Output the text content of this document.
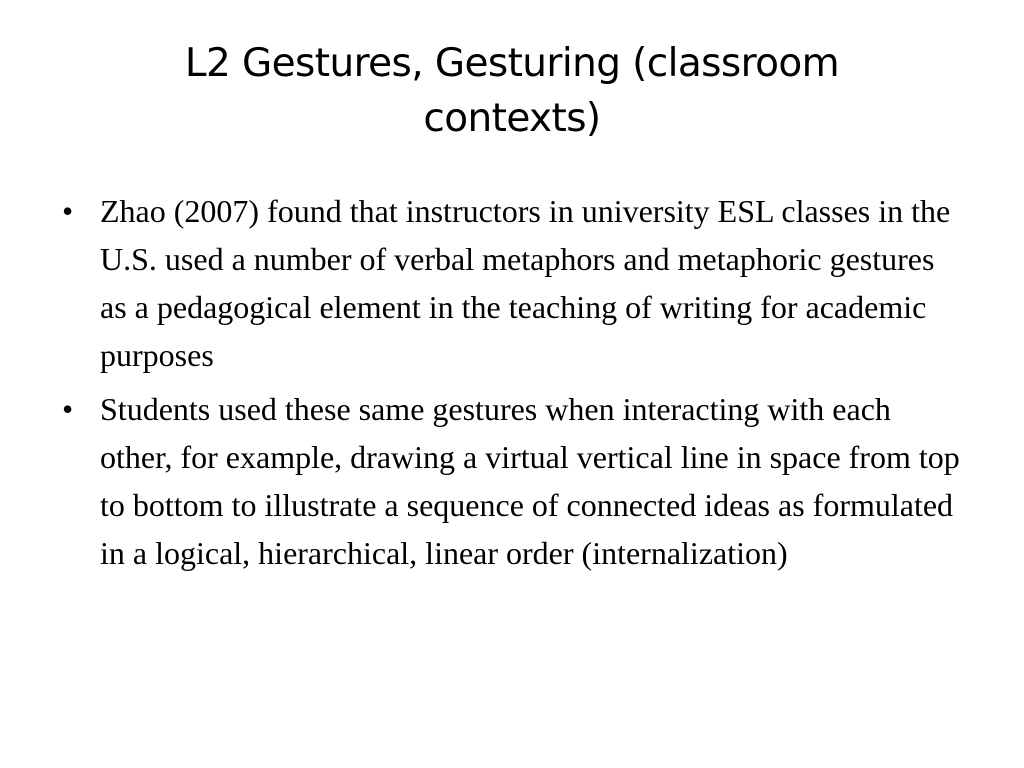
L2 Gestures, Gesturing (classroom contexts)
• Zhao (2007) found that instructors in university ESL classes in the U.S. used a number of verbal metaphors and metaphoric gestures as a pedagogical element in the teaching of writing for academic purposes
• Students used these same gestures when interacting with each other, for example, drawing a virtual vertical line in space from top to bottom to illustrate a sequence of connected ideas as formulated in a logical, hierarchical, linear order (internalization)
